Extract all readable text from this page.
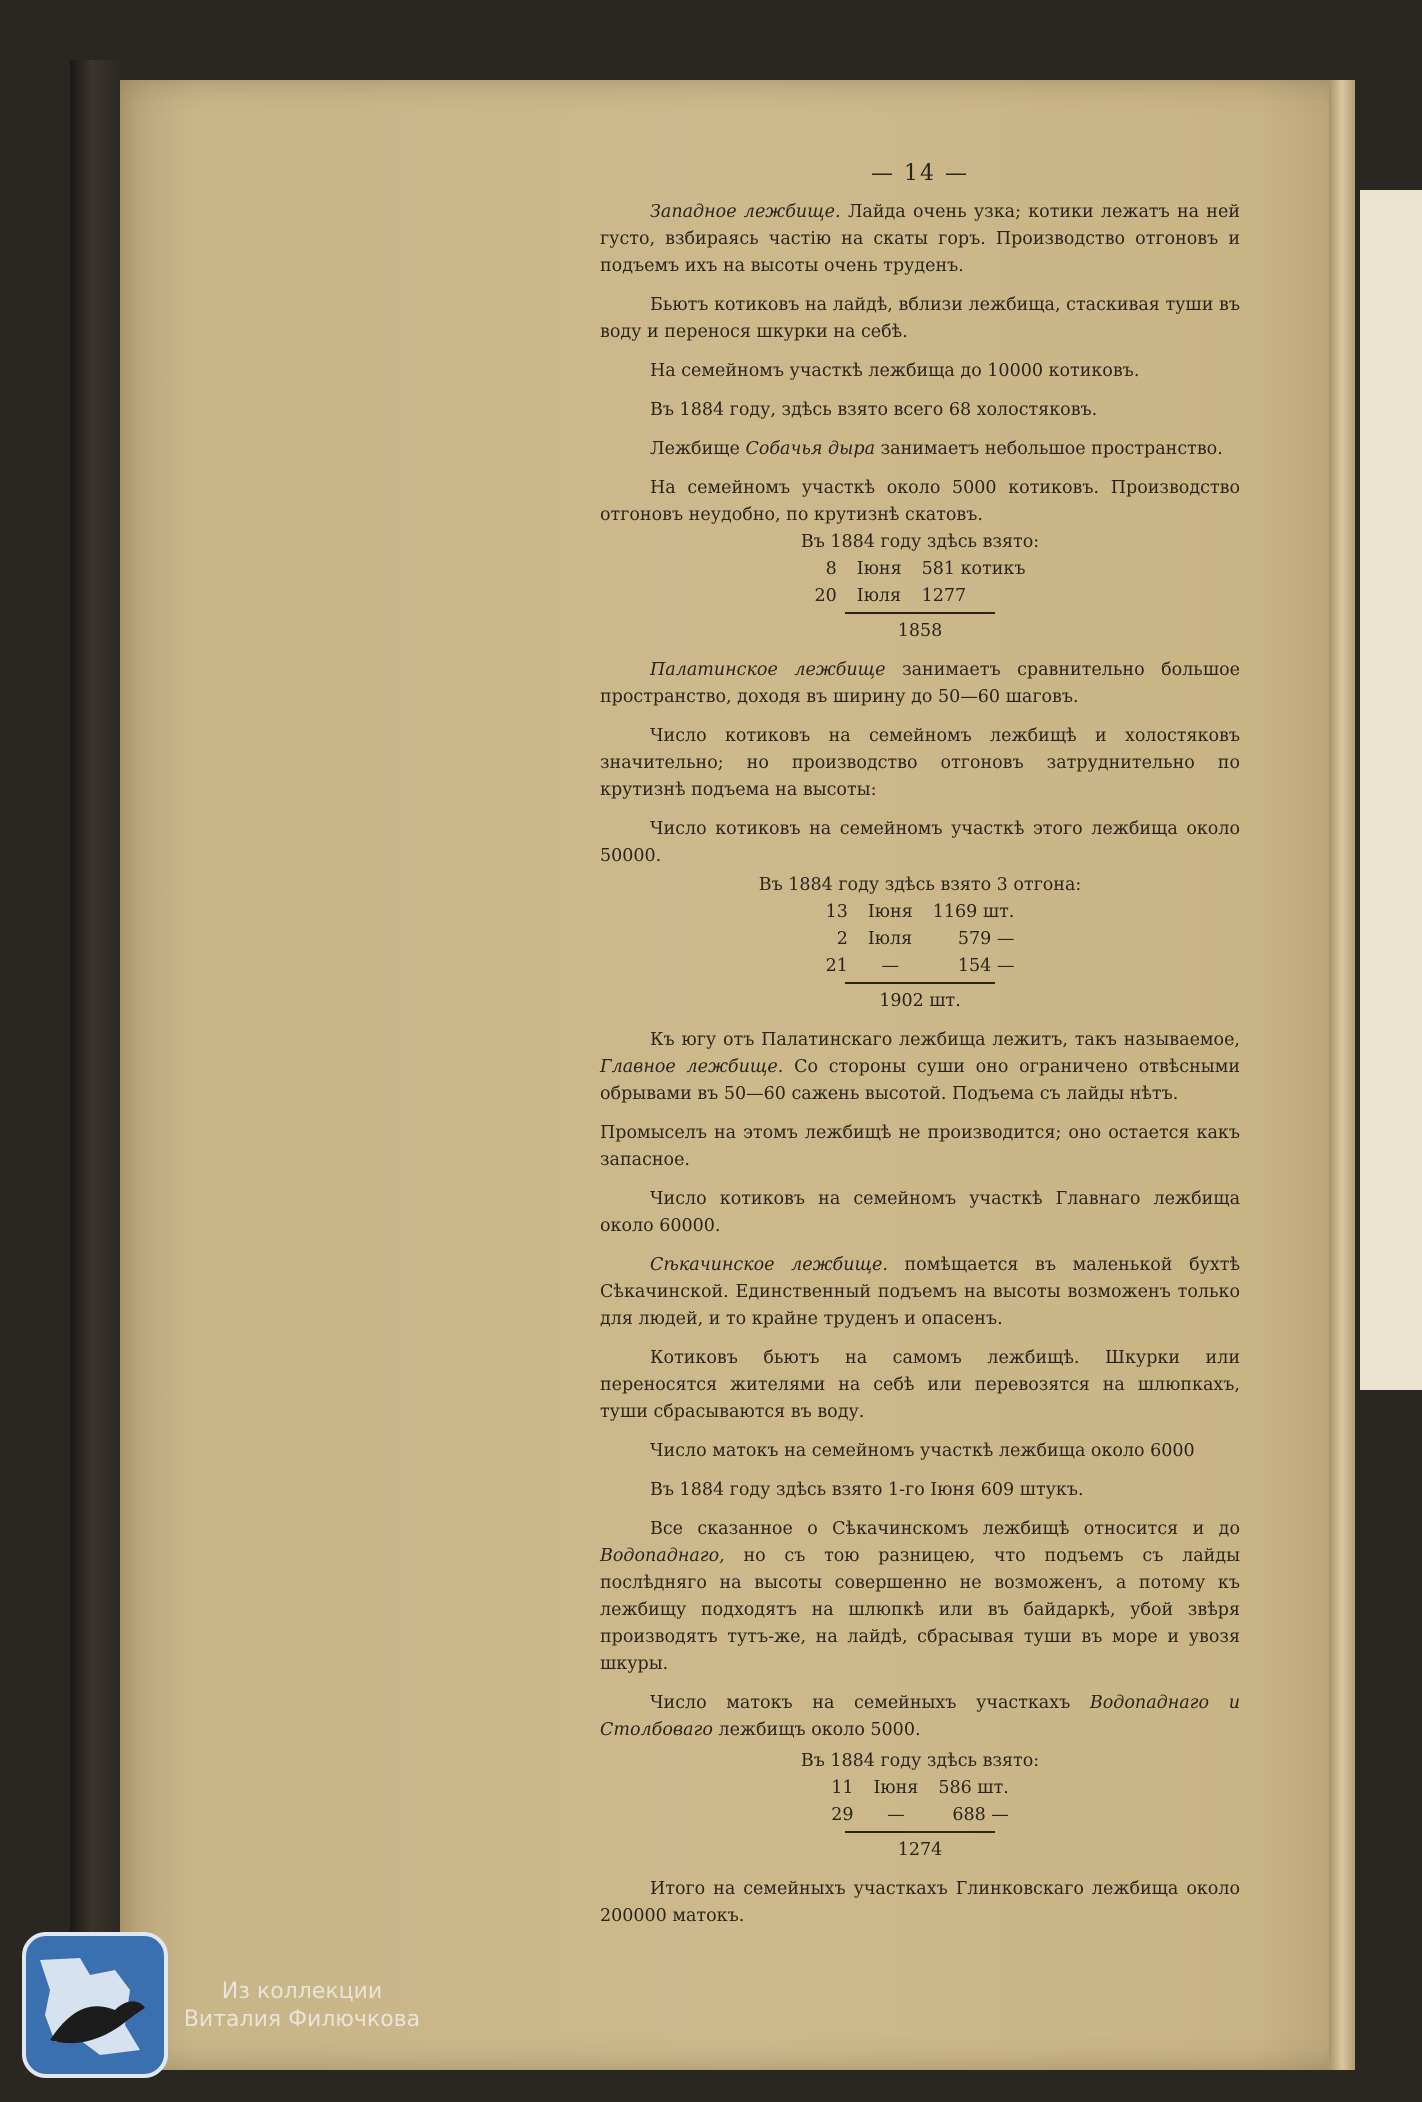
— 14 —

Западное лежбище. Лайда очень узка; котики лежатъ на ней густо, взбираясь частію на скаты горъ. Производство отгоновъ и подъемъ ихъ на высоты очень труденъ.

Бьютъ котиковъ на лайдѣ, вблизи лежбища, стаскивая туши въ воду и перенося шкурки на себѣ.

На семейномъ участкѣ лежбища до 10000 котиковъ.

Въ 1884 году, здѣсь взято всего 68 холостяковъ.

Лежбище Собачья дыра занимаетъ небольшое пространство.

На семейномъ участкѣ около 5000 котиковъ. Производство отгоновъ неудобно, по крутизнѣ скатовъ.

Въ 1884 году здѣсь взято:

8	Іюня	581 котикъ
20	Іюля	1277

1858

Палатинское лежбище занимаетъ сравнительно большое пространство, доходя въ ширину до 50—60 шаговъ.

Число котиковъ на семейномъ лежбищѣ и холостяковъ значительно; но производство отгоновъ затруднительно по крутизнѣ подъема на высоты:

Число котиковъ на семейномъ участкѣ этого лежбища около 50000.

Въ 1884 году здѣсь взято 3 отгона:

13	Іюня	1169 шт.
2	Іюля	579 —
21	—	154 —

1902 шт.

Къ югу отъ Палатинскаго лежбища лежитъ, такъ называемое, Главное лежбище. Со стороны суши оно ограничено отвѣсными обрывами въ 50—60 сажень высотой. Подъема съ лайды нѣтъ.

Промыселъ на этомъ лежбищѣ не производится; оно остается какъ запасное.

Число котиковъ на семейномъ участкѣ Главнаго лежбища около 60000.

Сѣкачинское лежбище. помѣщается въ маленькой бухтѣ Сѣкачинской. Единственный подъемъ на высоты возможенъ только для людей, и то крайне труденъ и опасенъ.

Котиковъ бьютъ на самомъ лежбищѣ. Шкурки или переносятся жителями на себѣ или перевозятся на шлюпкахъ, туши сбрасываются въ воду.

Число матокъ на семейномъ участкѣ лежбища около 6000

Въ 1884 году здѣсь взято 1-го Іюня 609 штукъ.

Все сказанное о Сѣкачинскомъ лежбищѣ относится и до Водопаднаго, но съ тою разницею, что подъемъ съ лайды послѣдняго на высоты совершенно не возможенъ, а потому къ лежбищу подходятъ на шлюпкѣ или въ байдаркѣ, убой звѣря производятъ тутъ-же, на лайдѣ, сбрасывая туши въ море и увозя шкуры.

Число матокъ на семейныхъ участкахъ Водопаднаго и Столбоваго лежбищъ около 5000.

Въ 1884 году здѣсь взято:

11	Іюня	586 шт.
29	—	688 —

1274

Итого на семейныхъ участкахъ Глинковскаго лежбища около 200000 матокъ.

Из коллекции
Виталия Филючкова
